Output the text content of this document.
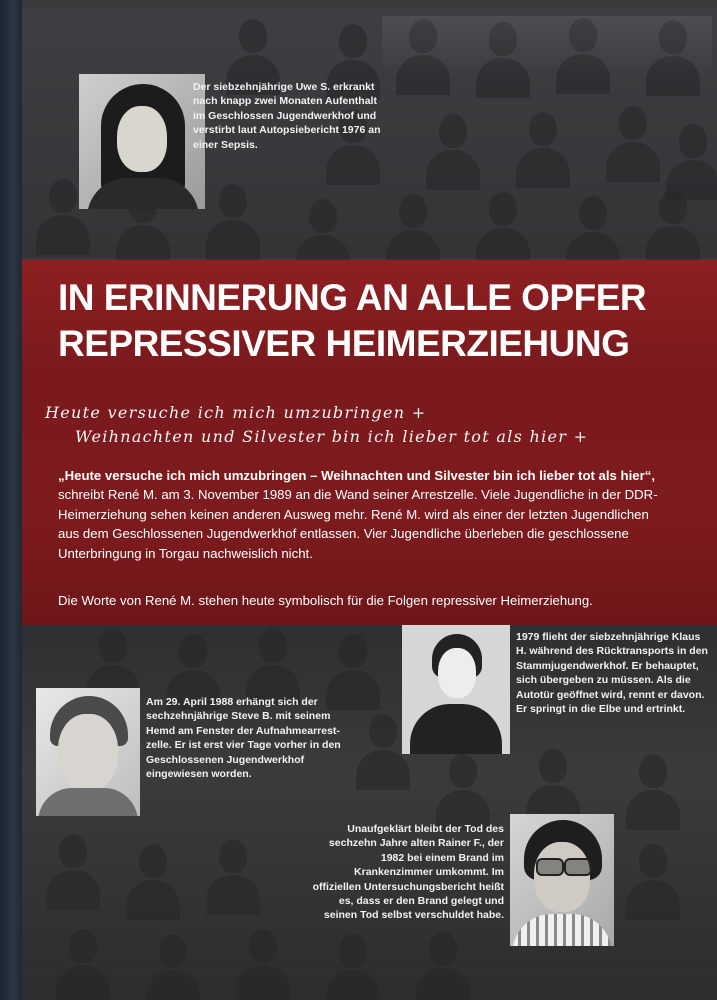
Der siebzehnjährige Uwe S. erkrankt nach knapp zwei Monaten Aufenthalt im Geschlossen Jugendwerkhof und verstirbt laut Autopsiebericht 1976 an einer Sepsis.
1979 flieht der siebzehnjährige Klaus H. während des Rücktransports in den Stammjugendwerkhof. Er behauptet, sich übergeben zu müssen. Als die Autotür geöffnet wird, rennt er davon. Er springt in die Elbe und ertrinkt.
Am 29. April 1988 erhängt sich der sechzehnjährige Steve B. mit seinem Hemd am Fenster der Aufnahmearrest-zelle. Er ist erst vier Tage vorher in den Geschlossenen Jugendwerkhof eingewiesen worden.
Unaufgeklärt bleibt der Tod des sechzehn Jahre alten Rainer F., der 1982 bei einem Brand im Krankenzimmer umkommt. Im offiziellen Untersuchungsbericht heißt es, dass er den Brand gelegt und seinen Tod selbst verschuldet habe.
IN ERINNERUNG AN ALLE OPFER
REPRESSIVER HEIMERZIEHUNG
Heute versuche ich mich umzubringen +
Weihnachten und Silvester bin ich lieber tot als hier +
„Heute versuche ich mich umzubringen – Weihnachten und Silvester bin ich lieber tot als hier“, schreibt René M. am 3. November 1989 an die Wand seiner Arrestzelle. Viele Jugendliche in der DDR-Heimerziehung sehen keinen anderen Ausweg mehr. René M. wird als einer der letzten Jugendlichen aus dem Geschlossenen Jugendwerkhof entlassen. Vier Jugendliche überleben die geschlossene Unterbringung in Torgau nachweislich nicht.
Die Worte von René M. stehen heute symbolisch für die Folgen repressiver Heimerziehung.
